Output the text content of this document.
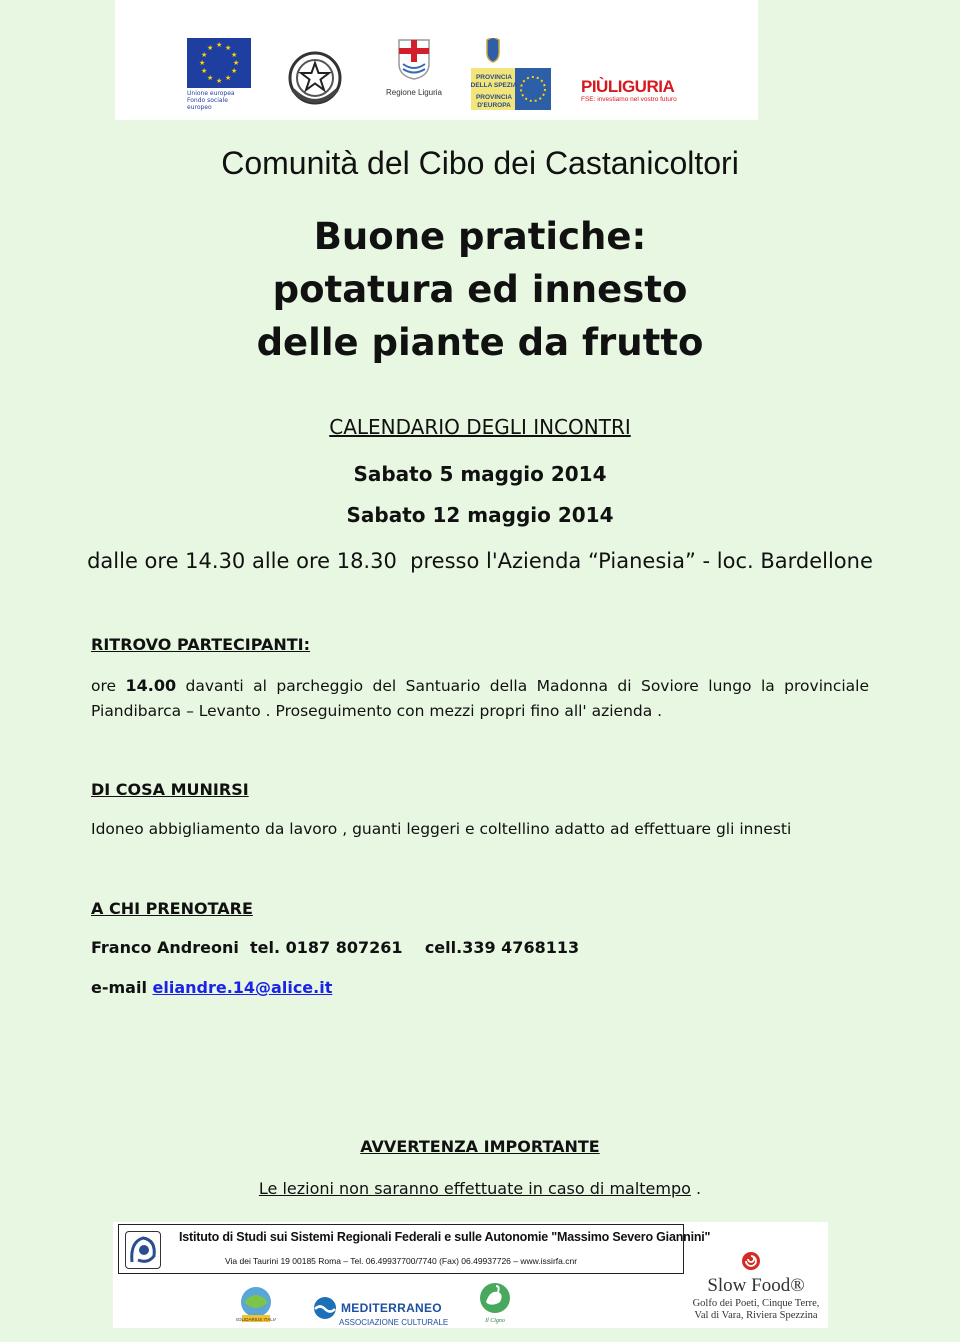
★ ★
★
★
★
★
★
★
★
★
★
★
Unione europea
Fondo sociale europeo
Regione Liguria
PROVINCIA
DELLA SPEZIA
PROVINCIA
D'EUROPA
PIÙLIGURIA
FSE: investiamo nel vostro futuro
Comunità del Cibo dei Castanicoltori
Buone pratiche:
potatura ed innesto
delle piante da frutto
CALENDARIO DEGLI INCONTRI
Sabato 5 maggio 2014
Sabato 12 maggio 2014
dalle ore 14.30 alle ore 18.30  presso l'Azienda “Pianesia” - loc. Bardellone
RITROVO PARTECIPANTI:
ore 14.00 davanti al parcheggio del Santuario della Madonna di Soviore lungo la provinciale Piandibarca – Levanto . Proseguimento con mezzi propri fino all' azienda .
DI COSA MUNIRSI
Idoneo abbigliamento da lavoro , guanti leggeri e coltellino adatto ad effettuare gli innesti
A CHI PRENOTARE
Franco Andreoni  tel. 0187 807261    cell.339 4768113
e-mail eliandre.14@alice.it
AVVERTENZA IMPORTANTE
Le lezioni non saranno effettuate in caso di maltempo .
Istituto di Studi sui Sistemi Regionali Federali e sulle Autonomie "Massimo Severo Giannini"
Via dei Taurini 19 00185 Roma – Tel. 06.49937700/7740 (Fax) 06.49937726 – www.issirfa.cnr
SOLIDARIUS ITALIA
MEDITERRANEO
ASSOCIAZIONE CULTURALE	Il Cigno
Slow Food®
Golfo dei Poeti, Cinque Terre,
Val di Vara, Riviera Spezzina
